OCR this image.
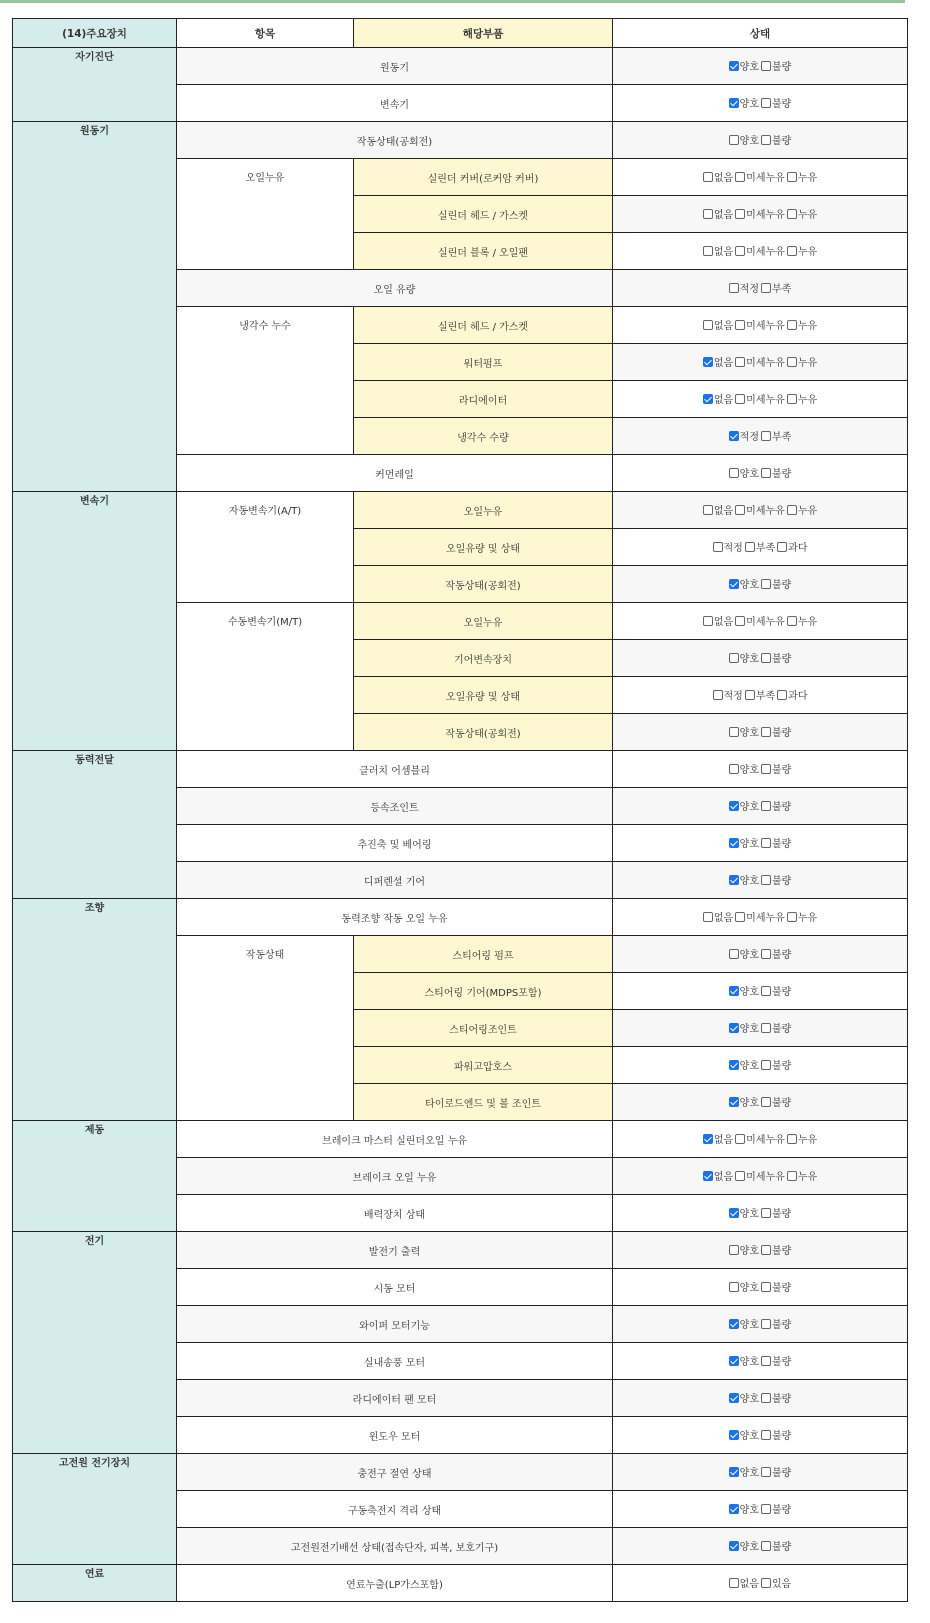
(14)주요장치	항목	해당부품	상태
자기진단	원동기		양호 불량

	변속기		양호 불량

원동기	작동상태(공회전)		양호 불량

	오일누유	실린더 커버(로커암 커버)	없음 미세누유 누유

		실린더 헤드 / 가스켓	없음 미세누유 누유

		실린더 블록 / 오일팬	없음 미세누유 누유

	오일 유량		적정 부족

	냉각수 누수	실린더 헤드 / 가스켓	없음 미세누유 누유

		워터펌프	없음 미세누유 누유

		라디에이터	없음 미세누유 누유

		냉각수 수량	적정 부족

	커먼레일		양호 불량

변속기	자동변속기(A/T)	오일누유	없음 미세누유 누유

		오일유량 및 상태	적정 부족 과다

		작동상태(공회전)	양호 불량

	수동변속기(M/T)	오일누유	없음 미세누유 누유

		기어변속장치	양호 불량

		오일유량 및 상태	적정 부족 과다

		작동상태(공회전)	양호 불량

동력전달	클러치 어셈블리		양호 불량

	등속조인트		양호 불량

	추진축 및 베어링		양호 불량

	디퍼렌셜 기어		양호 불량

조향	동력조향 작동 오일 누유		없음 미세누유 누유

	작동상태	스티어링 펌프	양호 불량

		스티어링 기어(MDPS포함)	양호 불량

		스티어링조인트	양호 불량

		파워고압호스	양호 불량

		타이로드엔드 및 볼 조인트	양호 불량

제동	브레이크 마스터 실린더오일 누유		없음 미세누유 누유

	브레이크 오일 누유		없음 미세누유 누유

	배력장치 상태		양호 불량

전기	발전기 출력		양호 불량

	시동 모터		양호 불량

	와이퍼 모터기능		양호 불량

	실내송풍 모터		양호 불량

	라디에이터 팬 모터		양호 불량

	윈도우 모터		양호 불량

고전원 전기장치	충전구 절연 상태		양호 불량

	구동축전지 격리 상태		양호 불량

	고전원전기배선 상태(접속단자, 피복, 보호기구)		양호 불량

연료	연료누출(LP가스포함)		없음 있음
